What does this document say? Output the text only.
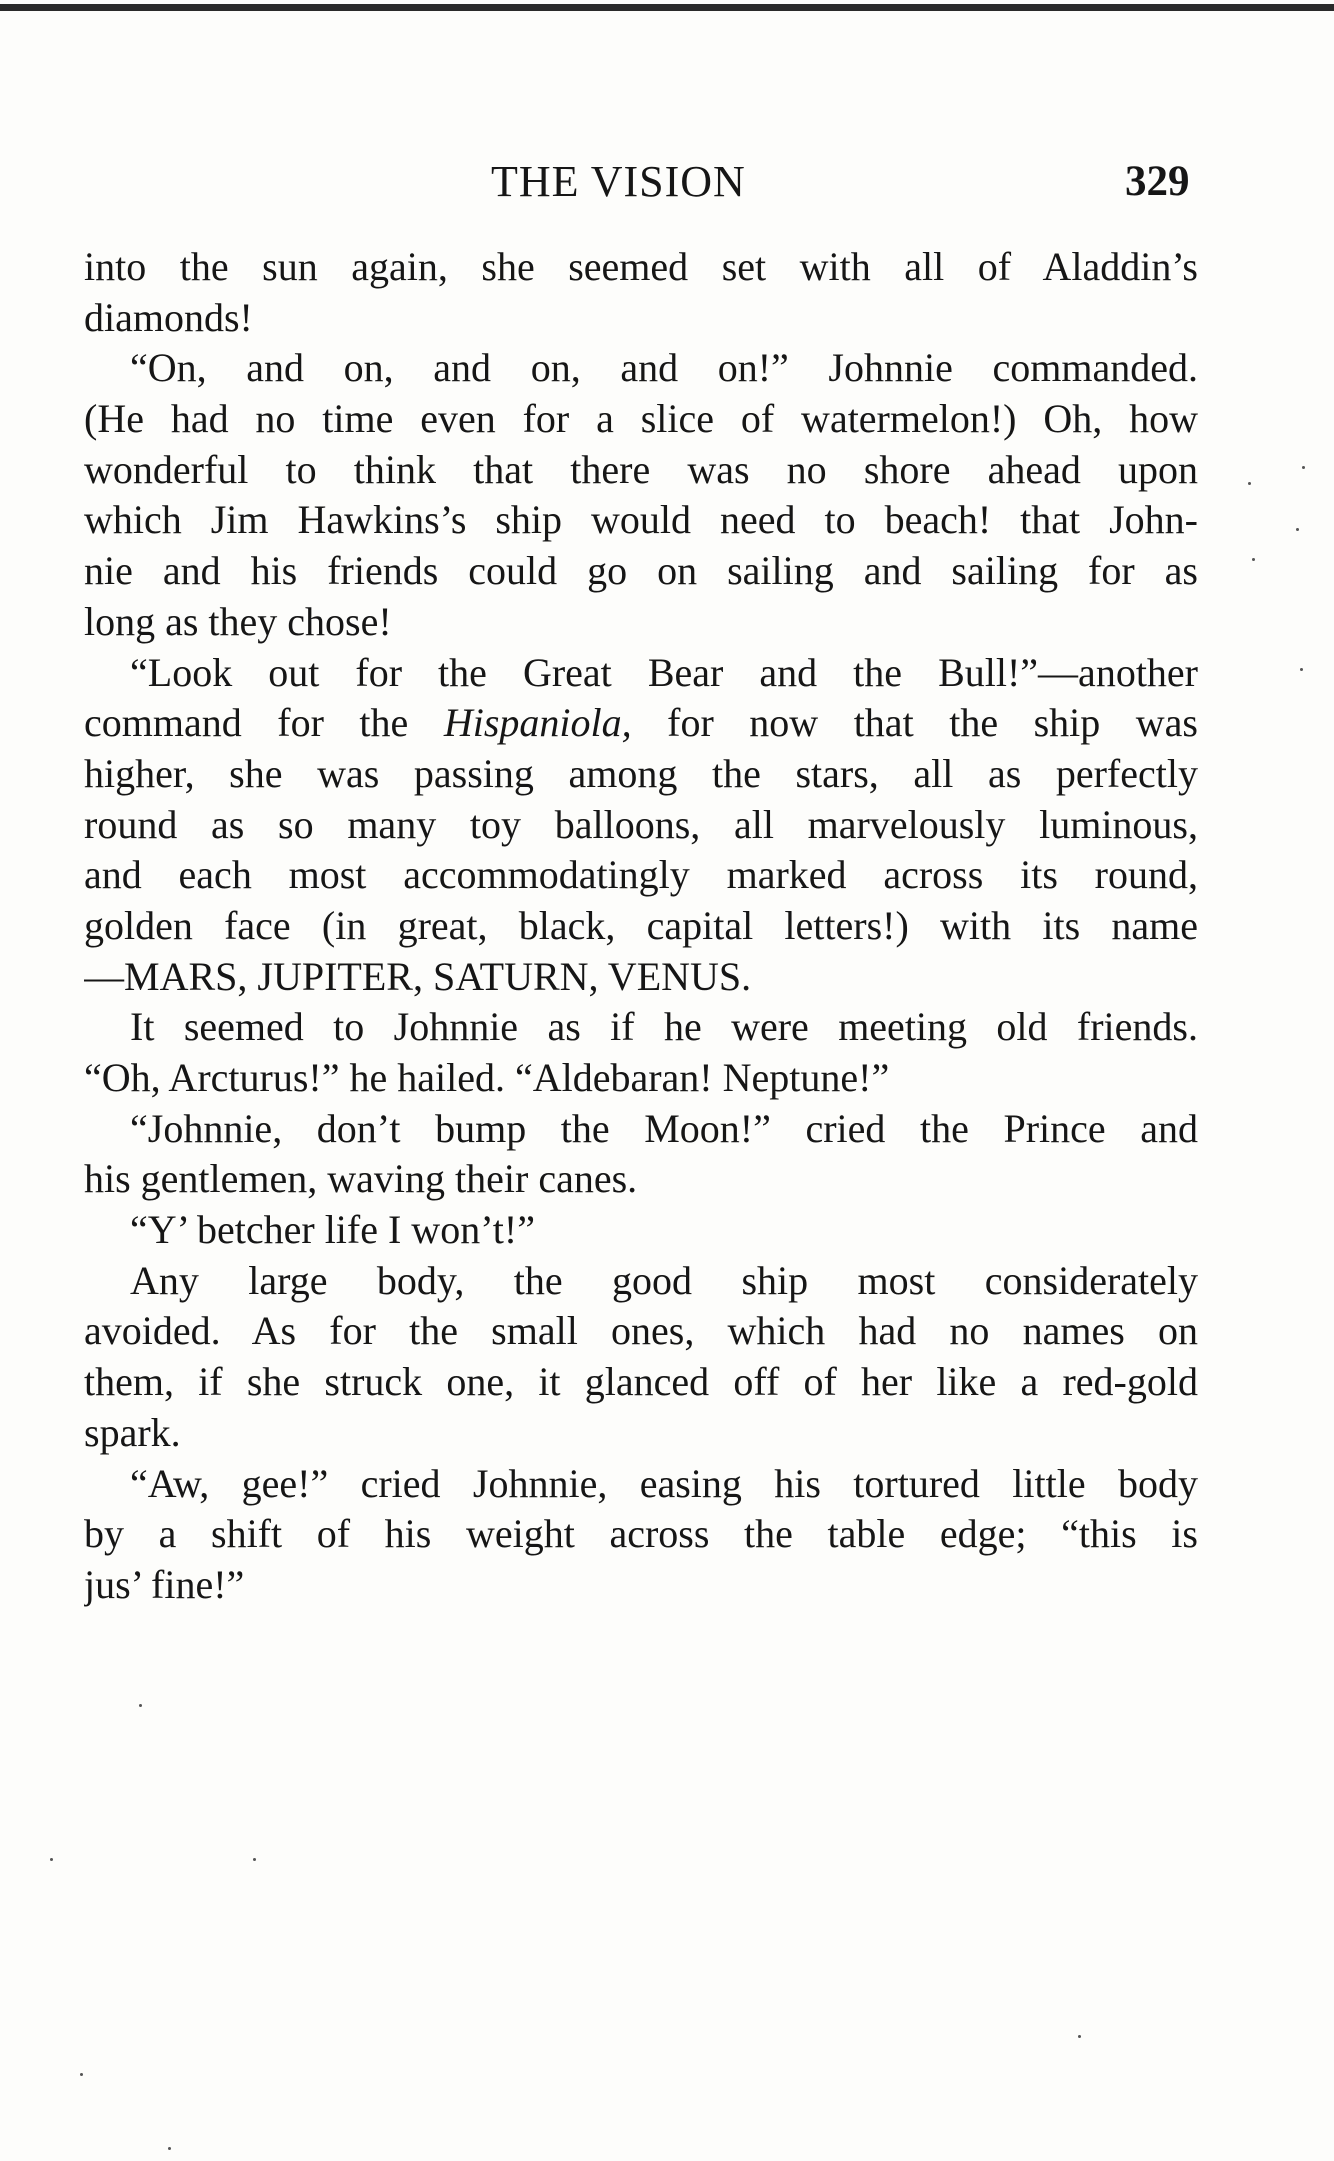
THE VISION	329
into the sun again, she seemed set with all of Aladdin’s
diamonds!
“On, and on, and on, and on!” Johnnie commanded.
(He had no time even for a slice of watermelon!) Oh, how
wonderful to think that there was no shore ahead upon
which Jim Hawkins’s ship would need to beach! that John-
nie and his friends could go on sailing and sailing for as
long as they chose!
“Look out for the Great Bear and the Bull!”—another
command for the Hispaniola, for now that the ship was
higher, she was passing among the stars, all as perfectly
round as so many toy balloons, all marvelously luminous,
and each most accommodatingly marked across its round,
golden face (in great, black, capital letters!) with its name
—MARS, JUPITER, SATURN, VENUS.
It seemed to Johnnie as if he were meeting old friends.
“Oh, Arcturus!” he hailed. “Aldebaran! Neptune!”
“Johnnie, don’t bump the Moon!” cried the Prince and
his gentlemen, waving their canes.
“Y’ betcher life I won’t!”
Any large body, the good ship most considerately
avoided. As for the small ones, which had no names on
them, if she struck one, it glanced off of her like a red-gold
spark.
“Aw, gee!” cried Johnnie, easing his tortured little body
by a shift of his weight across the table edge; “this is
jus’ fine!”
